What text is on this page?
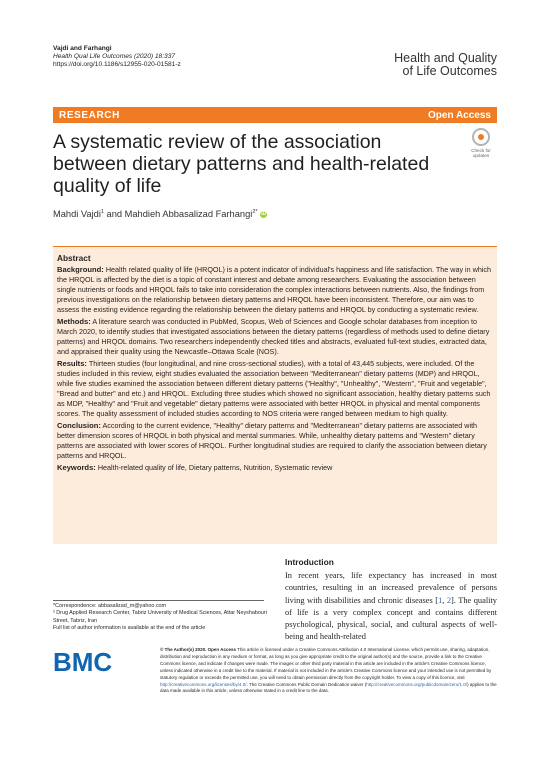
Vajdi and Farhangi
Health Qual Life Outcomes (2020) 18:337
https://doi.org/10.1186/s12955-020-01581-z	Health and Quality
of Life Outcomes
RESEARCH	Open Access
A systematic review of the association between dietary patterns and health-related quality of life
Check for
updates
Mahdi Vajdi$^1$ and Mahdieh Abbasalizad Farhangi$^{2*}$ iD
Abstract

Background: Health related quality of life (HRQOL) is a potent indicator of individual's happiness and life satisfaction. The way in which the HRQOL is affected by the diet is a topic of constant interest and debate among researchers. Evaluating the association between single nutrients or foods and HRQOL fails to take into consideration the complex interactions between nutrients. Also, the findings from previous investigations on the relationship between dietary patterns and HRQOL have been inconsistent. Therefore, our aim was to assess the existing evidence regarding the relationship between the dietary patterns and HRQOL by conducting a systematic review.

Methods: A literature search was conducted in PubMed, Scopus, Web of Sciences and Google scholar databases from inception to March 2020, to identify studies that investigated associations between the dietary patterns (regardless of methods used to define dietary patterns) and HRQOL domains. Two researchers independently checked titles and abstracts, evaluated full-text studies, extracted data, and appraised their quality using the Newcastle–Ottawa Scale (NOS).

Results: Thirteen studies (four longitudinal, and nine cross-sectional studies), with a total of 43,445 subjects, were included. Of the studies included in this review, eight studies evaluated the association between "Mediterranean" dietary patterns (MDP) and HRQOL, while five studies examined the association between different dietary patterns ("Healthy", "Unhealthy", "Western", "Fruit and vegetable", "Bread and butter" and etc.) and HRQOL. Excluding three studies which showed no significant association, healthy dietary patterns such as MDP, "Healthy" and "Fruit and vegetable" dietary patterns were associated with better HRQOL in physical and mental components scores. The quality assessment of included studies according to NOS criteria were ranged between medium to high quality.

Conclusion: According to the current evidence, "Healthy" dietary patterns and "Mediterranean" dietary patterns are associated with better dimension scores of HRQOL in both physical and mental summaries. While, unhealthy dietary patterns and "Western" dietary patterns are associated with lower scores of HRQOL. Further longitudinal studies are required to clarify the association between dietary patterns and HRQOL.

Keywords: Health-related quality of life, Dietary patterns, Nutrition, Systematic review

Introduction
In recent years, life expectancy has increased in most countries, resulting in an increased prevalence of persons living with disabilities and chronic diseases [1, 2]. The quality of life is a very complex concept and contains different psychological, physical, social, and cultural aspects of well-being and health-related
*Correspondence: abbasalizad_m@yahoo.com
² Drug Applied Research Center, Tabriz University of Medical Sciences, Attar Neyshabouri Street, Tabriz, Iran
Full list of author information is available at the end of the article
BMC	© The Author(s) 2020. Open Access This article is licensed under a Creative Commons Attribution 4.0 International License, which permits use, sharing, adaptation, distribution and reproduction in any medium or format, as long as you give appropriate credit to the original author(s) and the source, provide a link to the Creative Commons licence, and indicate if changes were made. The images or other third party material in this article are included in the article's Creative Commons licence, unless indicated otherwise in a credit line to the material. If material is not included in the article's Creative Commons licence and your intended use is not permitted by statutory regulation or exceeds the permitted use, you will need to obtain permission directly from the copyright holder. To view a copy of this licence, visit http://creativecommons.org/licenses/by/4.0/. The Creative Commons Public Domain Dedication waiver (http://creativecommons.org/publicdomain/zero/1.0/) applies to the data made available in this article, unless otherwise stated in a credit line to the data.
